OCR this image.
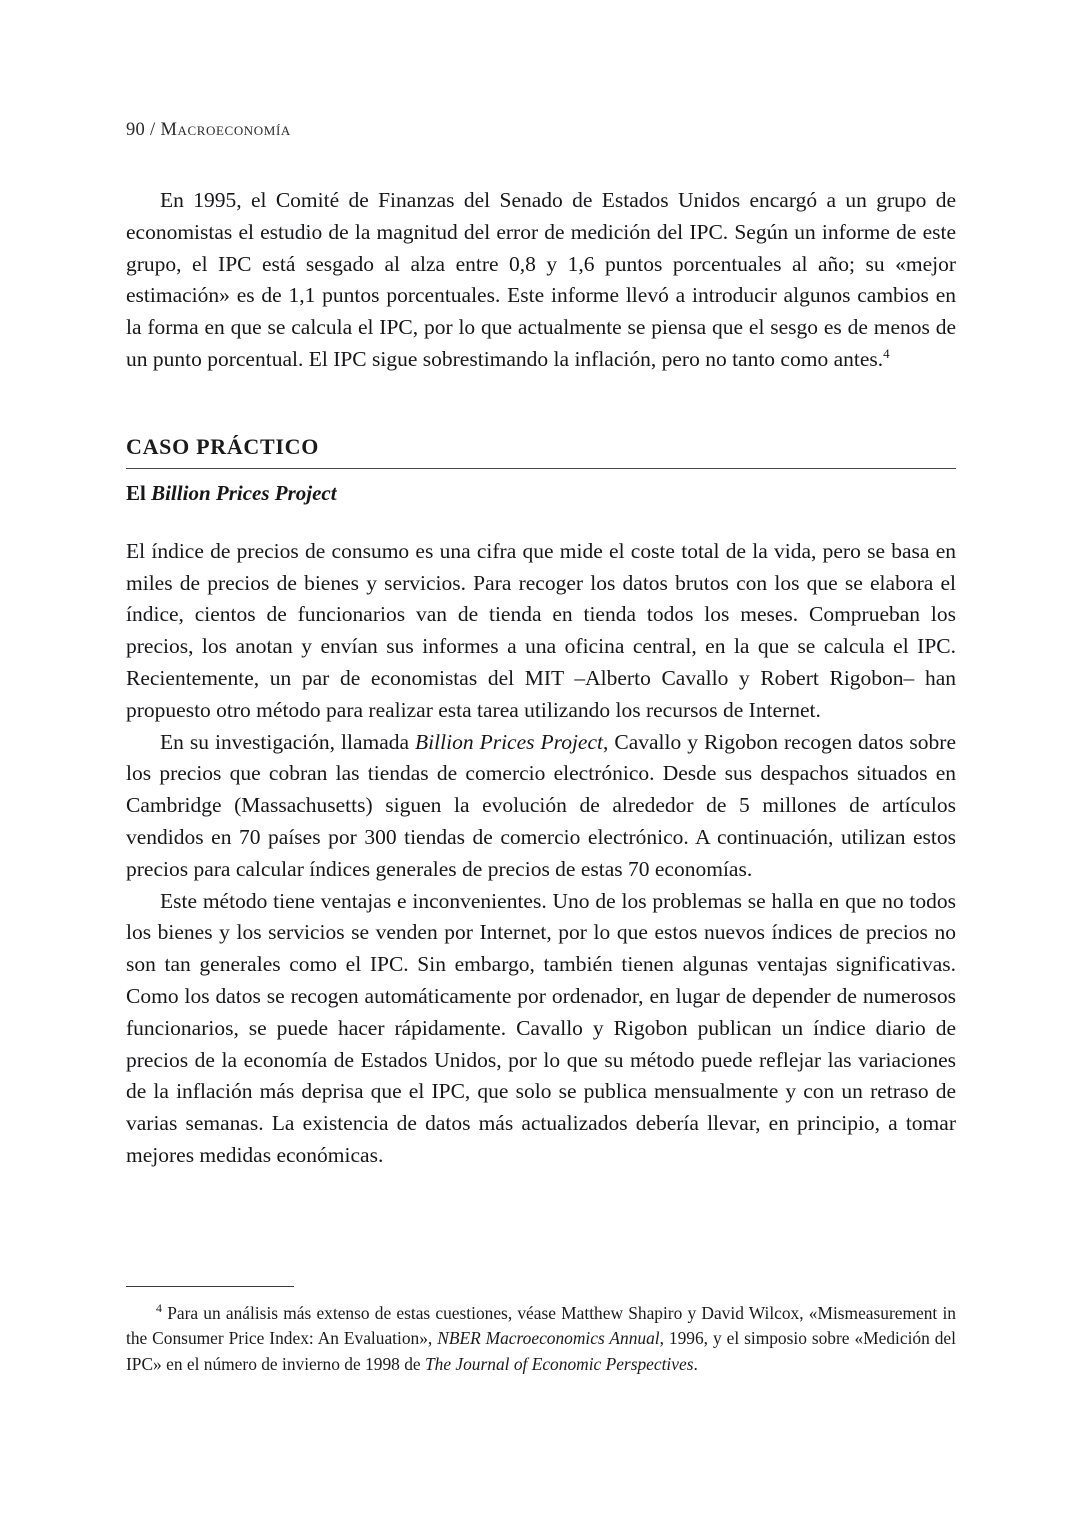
90 / Macroeconomía

En 1995, el Comité de Finanzas del Senado de Estados Unidos encargó a un grupo de economistas el estudio de la magnitud del error de medición del IPC. Según un informe de este grupo, el IPC está sesgado al alza entre 0,8 y 1,6 puntos porcentuales al año; su «mejor estimación» es de 1,1 puntos porcentuales. Este informe llevó a introducir algunos cambios en la forma en que se calcula el IPC, por lo que actualmente se piensa que el sesgo es de menos de un punto porcentual. El IPC sigue sobrestimando la inflación, pero no tanto como antes.$^4$

CASO PRÁCTICO

El Billion Prices Project

El índice de precios de consumo es una cifra que mide el coste total de la vida, pero se basa en miles de precios de bienes y servicios. Para recoger los datos brutos con los que se elabora el índice, cientos de funcionarios van de tienda en tienda todos los meses. Comprueban los precios, los anotan y envían sus informes a una oficina central, en la que se calcula el IPC. Recientemente, un par de economistas del MIT –Alberto Cavallo y Robert Rigobon– han propuesto otro método para realizar esta tarea utilizando los recursos de Internet.

En su investigación, llamada Billion Prices Project, Cavallo y Rigobon recogen datos sobre los precios que cobran las tiendas de comercio electrónico. Desde sus despachos situados en Cambridge (Massachusetts) siguen la evolución de alrededor de 5 millones de artículos vendidos en 70 países por 300 tiendas de comercio electrónico. A continuación, utilizan estos precios para calcular índices generales de precios de estas 70 economías.

Este método tiene ventajas e inconvenientes. Uno de los problemas se halla en que no todos los bienes y los servicios se venden por Internet, por lo que estos nuevos índices de precios no son tan generales como el IPC. Sin embargo, también tienen algunas ventajas significativas. Como los datos se recogen automáticamente por ordenador, en lugar de depender de numerosos funcionarios, se puede hacer rápidamente. Cavallo y Rigobon publican un índice diario de precios de la economía de Estados Unidos, por lo que su método puede reflejar las variaciones de la inflación más deprisa que el IPC, que solo se publica mensualmente y con un retraso de varias semanas. La existencia de datos más actualizados debería llevar, en principio, a tomar mejores medidas económicas.

$^4$ Para un análisis más extenso de estas cuestiones, véase Matthew Shapiro y David Wilcox, «Mismeasurement in the Consumer Price Index: An Evaluation», NBER Macroeconomics Annual, 1996, y el simposio sobre «Medición del IPC» en el número de invierno de 1998 de The Journal of Economic Perspectives.
